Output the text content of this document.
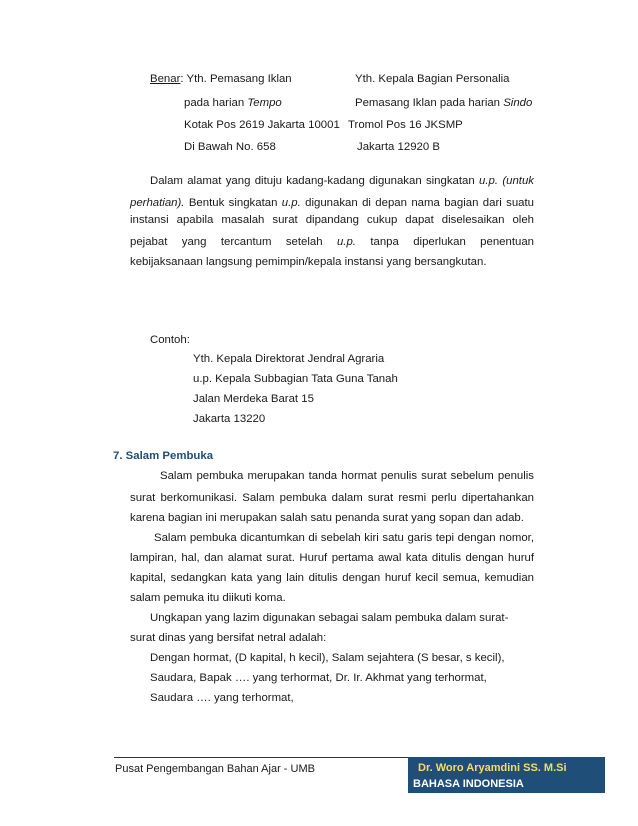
Benar: Yth. Pemasang Iklan
pada harian Tempo
Kotak Pos 2619 Jakarta 10001
Di Bawah No. 658
Yth. Kepala Bagian Personalia
Pemasang Iklan pada harian Sindo
Tromol Pos 16 JKSMP
Jakarta 12920 B
Dalam alamat yang dituju kadang-kadang digunakan singkatan u.p. (untuk
perhatian). Bentuk singkatan u.p. digunakan di depan nama bagian dari suatu
instansi apabila masalah surat dipandang cukup dapat diselesaikan oleh
pejabat yang tercantum setelah u.p. tanpa diperlukan penentuan
kebijaksanaan langsung pemimpin/kepala instansi yang bersangkutan.
Contoh:
Yth. Kepala Direktorat Jendral Agraria
u.p. Kepala Subbagian Tata Guna Tanah
Jalan Merdeka Barat 15
Jakarta 13220
7. Salam Pembuka
Salam pembuka merupakan tanda hormat penulis surat sebelum penulis
surat berkomunikasi. Salam pembuka dalam surat resmi perlu dipertahankan
karena bagian ini merupakan salah satu penanda surat yang sopan dan adab.
Salam pembuka dicantumkan di sebelah kiri satu garis tepi dengan nomor,
lampiran, hal, dan alamat surat. Huruf pertama awal kata ditulis dengan huruf
kapital, sedangkan kata yang lain ditulis dengan huruf kecil semua, kemudian
salam pemuka itu diikuti koma.
Ungkapan yang lazim digunakan sebagai salam pembuka dalam surat-
surat dinas yang bersifat netral adalah:
Dengan hormat, (D kapital, h kecil), Salam sejahtera (S besar, s kecil),
Saudara, Bapak …. yang terhormat, Dr. Ir. Akhmat yang terhormat,
Saudara …. yang terhormat,
Pusat Pengembangan Bahan Ajar - UMB	Dr. Woro Aryamdini SS. M.Si
BAHASA INDONESIA
